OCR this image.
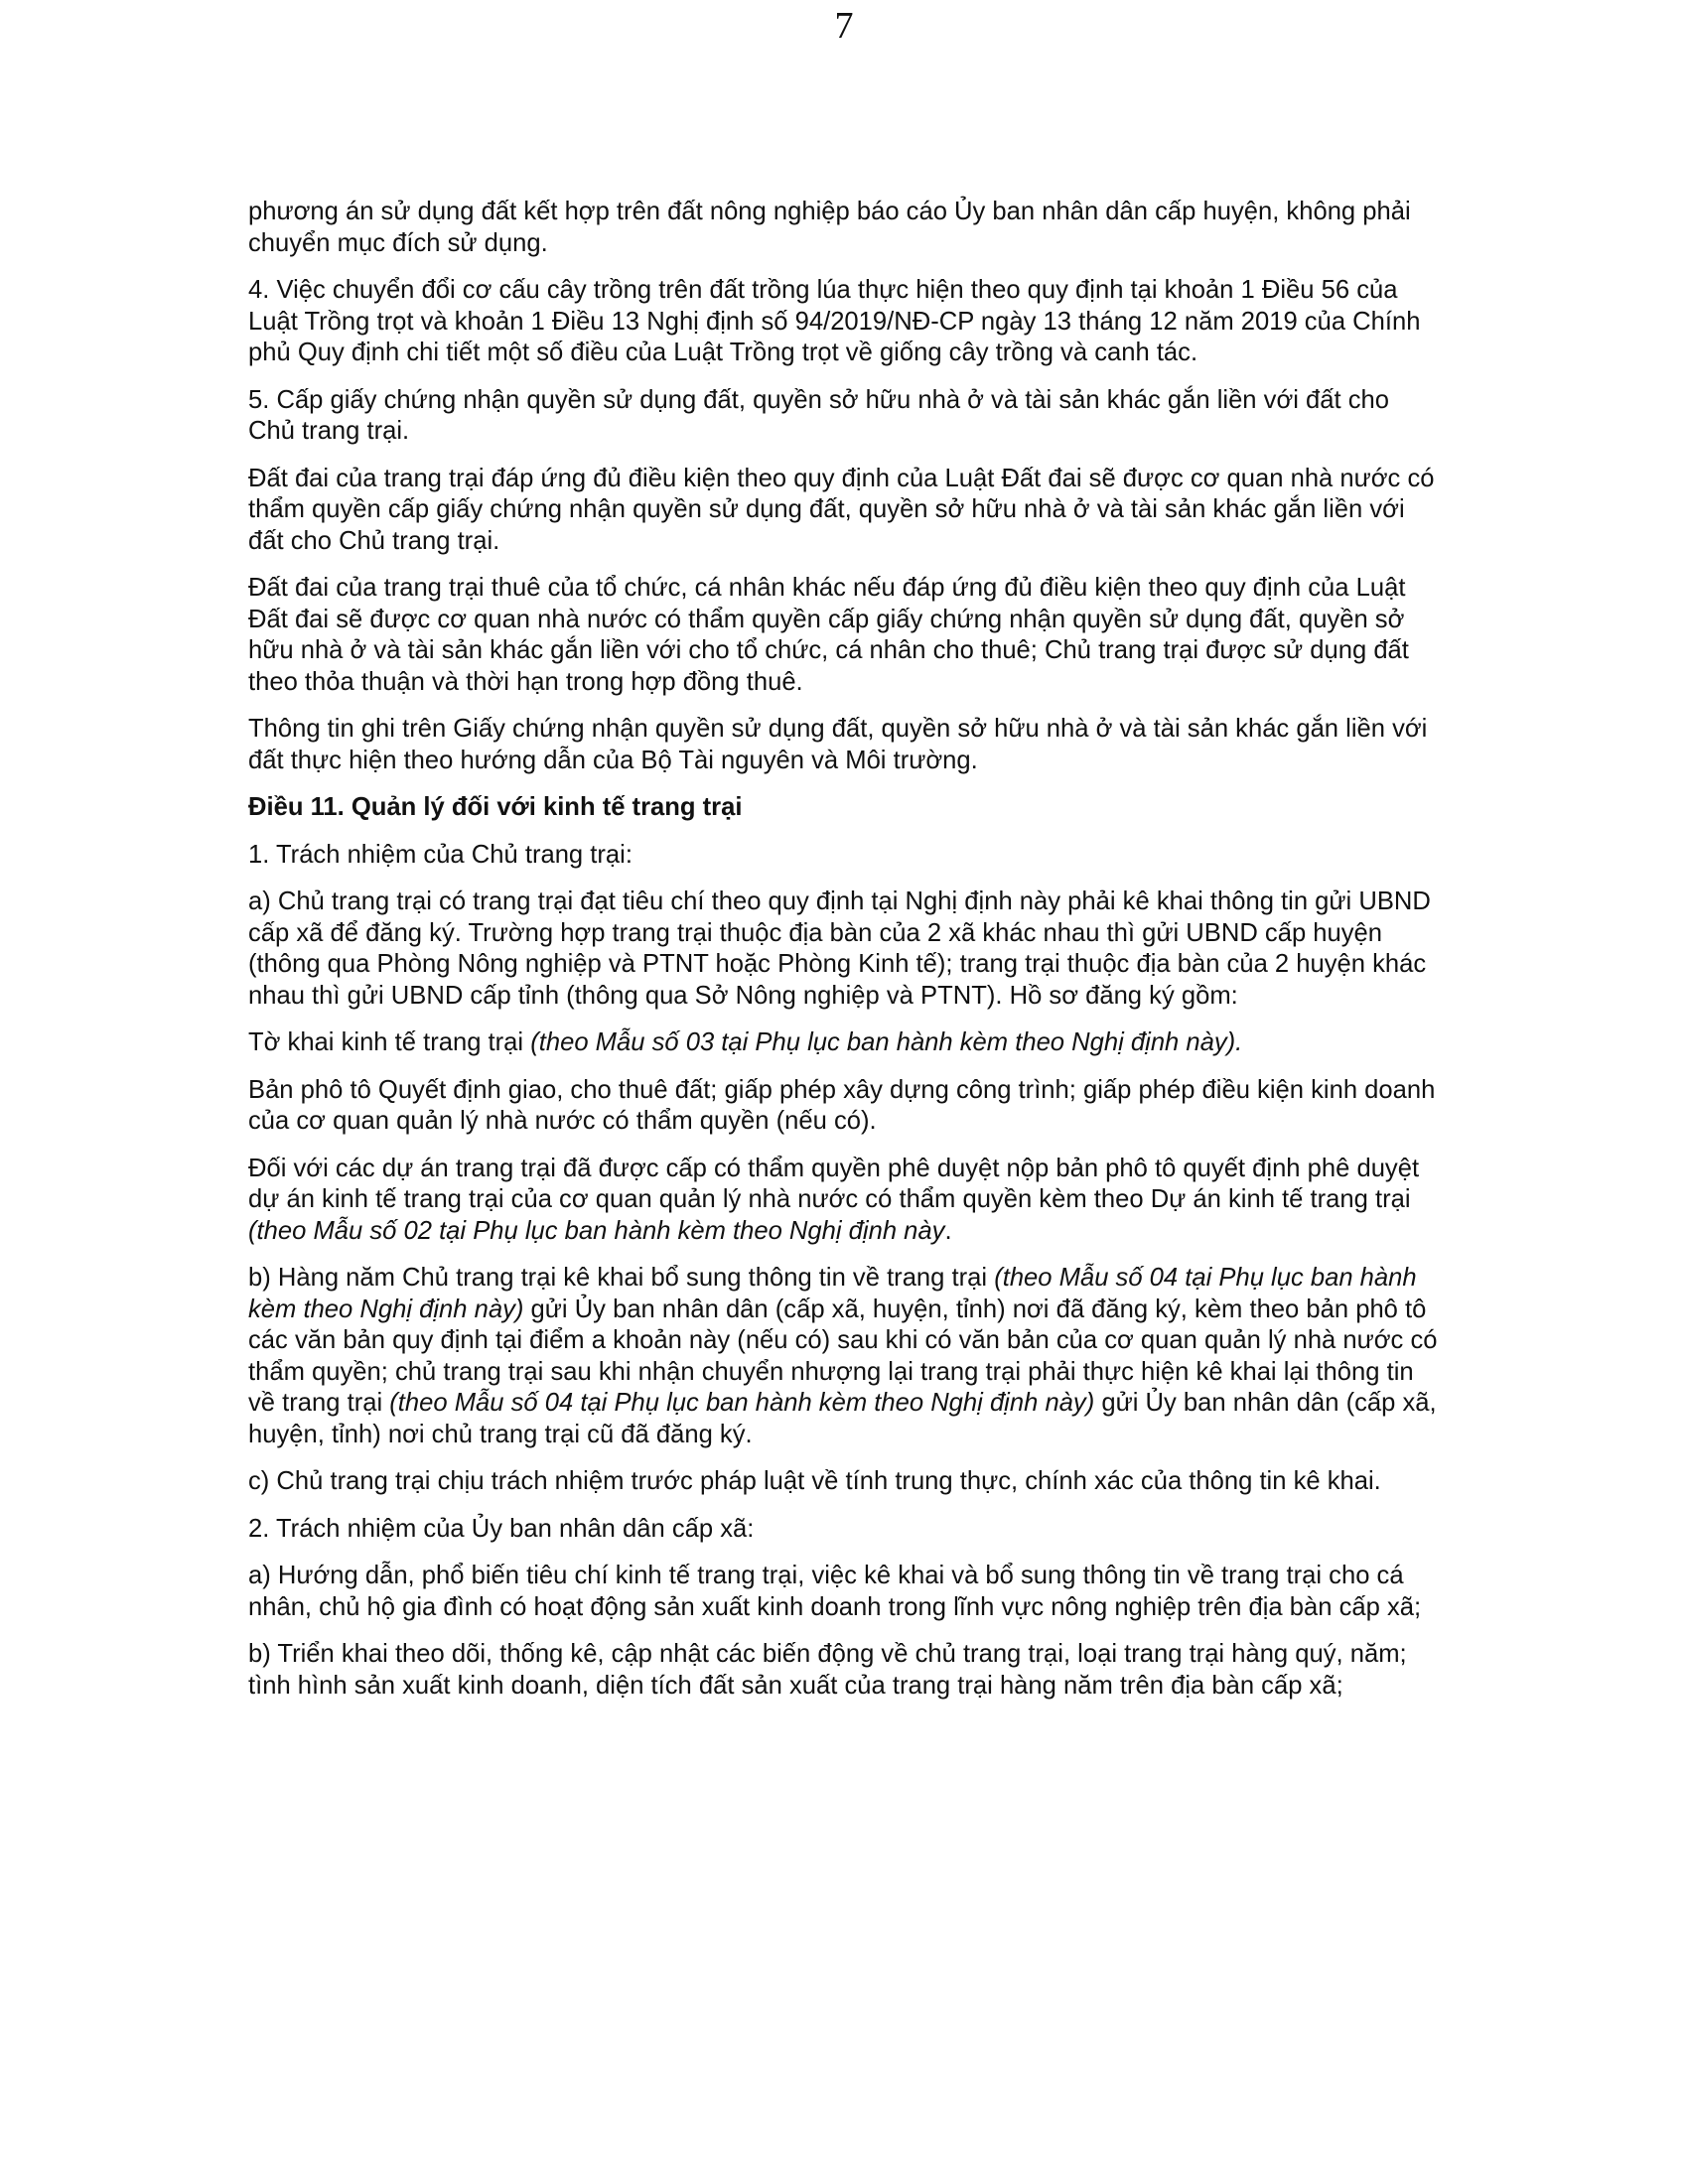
7

phương án sử dụng đất kết hợp trên đất nông nghiệp báo cáo Ủy ban nhân dân cấp huyện, không phải chuyển mục đích sử dụng.

4. Việc chuyển đổi cơ cấu cây trồng trên đất trồng lúa thực hiện theo quy định tại khoản 1 Điều 56 của Luật Trồng trọt và khoản 1 Điều 13 Nghị định số 94/2019/NĐ-CP ngày 13 tháng 12 năm 2019 của Chính phủ Quy định chi tiết một số điều của Luật Trồng trọt về giống cây trồng và canh tác.

5. Cấp giấy chứng nhận quyền sử dụng đất, quyền sở hữu nhà ở và tài sản khác gắn liền với đất cho Chủ trang trại.

Đất đai của trang trại đáp ứng đủ điều kiện theo quy định của Luật Đất đai sẽ được cơ quan nhà nước có thẩm quyền cấp giấy chứng nhận quyền sử dụng đất, quyền sở hữu nhà ở và tài sản khác gắn liền với đất cho Chủ trang trại.

Đất đai của trang trại thuê của tổ chức, cá nhân khác nếu đáp ứng đủ điều kiện theo quy định của Luật Đất đai sẽ được cơ quan nhà nước có thẩm quyền cấp giấy chứng nhận quyền sử dụng đất, quyền sở hữu nhà ở và tài sản khác gắn liền với cho tổ chức, cá nhân cho thuê; Chủ trang trại được sử dụng đất theo thỏa thuận và thời hạn trong hợp đồng thuê.

Thông tin ghi trên Giấy chứng nhận quyền sử dụng đất, quyền sở hữu nhà ở và tài sản khác gắn liền với đất thực hiện theo hướng dẫn của Bộ Tài nguyên và Môi trường.

Điều 11. Quản lý đối với kinh tế trang trại

1. Trách nhiệm của Chủ trang trại:

a) Chủ trang trại có trang trại đạt tiêu chí theo quy định tại Nghị định này phải kê khai thông tin gửi UBND cấp xã để đăng ký. Trường hợp trang trại thuộc địa bàn của 2 xã khác nhau thì gửi UBND cấp huyện (thông qua Phòng Nông nghiệp và PTNT hoặc Phòng Kinh tế); trang trại thuộc địa bàn của 2 huyện khác nhau thì gửi UBND cấp tỉnh (thông qua Sở Nông nghiệp và PTNT). Hồ sơ đăng ký gồm:

Tờ khai kinh tế trang trại (theo Mẫu số 03 tại Phụ lục ban hành kèm theo Nghị định này).

Bản phô tô Quyết định giao, cho thuê đất; giấp phép xây dựng công trình; giấp phép điều kiện kinh doanh của cơ quan quản lý nhà nước có thẩm quyền (nếu có).

Đối với các dự án trang trại đã được cấp có thẩm quyền phê duyệt nộp bản phô tô quyết định phê duyệt dự án kinh tế trang trại của cơ quan quản lý nhà nước có thẩm quyền kèm theo Dự án kinh tế trang trại (theo Mẫu số 02 tại Phụ lục ban hành kèm theo Nghị định này.

b) Hàng năm Chủ trang trại kê khai bổ sung thông tin về trang trại (theo Mẫu số 04 tại Phụ lục ban hành kèm theo Nghị định này) gửi Ủy ban nhân dân (cấp xã, huyện, tỉnh) nơi đã đăng ký, kèm theo bản phô tô các văn bản quy định tại điểm a khoản này (nếu có) sau khi có văn bản của cơ quan quản lý nhà nước có thẩm quyền; chủ trang trại sau khi nhận chuyển nhượng lại trang trại phải thực hiện kê khai lại thông tin về trang trại (theo Mẫu số 04 tại Phụ lục ban hành kèm theo Nghị định này) gửi Ủy ban nhân dân (cấp xã, huyện, tỉnh) nơi chủ trang trại cũ đã đăng ký.

c) Chủ trang trại chịu trách nhiệm trước pháp luật về tính trung thực, chính xác của thông tin kê khai.

2. Trách nhiệm của Ủy ban nhân dân cấp xã:

a) Hướng dẫn, phổ biến tiêu chí kinh tế trang trại, việc kê khai và bổ sung thông tin về trang trại cho cá nhân, chủ hộ gia đình có hoạt động sản xuất kinh doanh trong lĩnh vực nông nghiệp trên địa bàn cấp xã;

b) Triển khai theo dõi, thống kê, cập nhật các biến động về chủ trang trại, loại trang trại hàng quý, năm; tình hình sản xuất kinh doanh, diện tích đất sản xuất của trang trại hàng năm trên địa bàn cấp xã;
